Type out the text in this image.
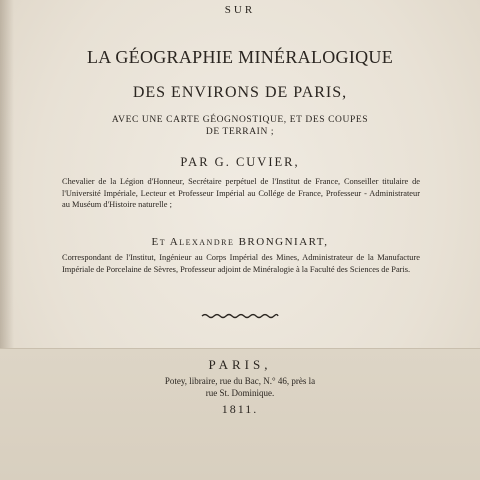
SUR
LA GÉOGRAPHIE MINÉRALOGIQUE
DES ENVIRONS DE PARIS,
AVEC UNE CARTE GÉOGNOSTIQUE, ET DES COUPES
DE TERRAIN ;
PAR G. CUVIER,
Chevalier de la Légion d'Honneur, Secrétaire perpétuel de l'Institut de France, Conseiller titulaire de l'Université Impériale, Lecteur et Professeur Impérial au Collége de France, Professeur - Administrateur au Muséum d'Histoire naturelle ;
Et Alexandre BRONGNIART,
Correspondant de l'Institut, Ingénieur au Corps Impérial des Mines, Administrateur de la Manufacture Impériale de Porcelaine de Sèvres, Professeur adjoint de Minéralogie à la Faculté des Sciences de Paris.
PARIS,
Potey, libraire, rue du Bac, N.° 46, près la
rue St. Dominique.
1811.
